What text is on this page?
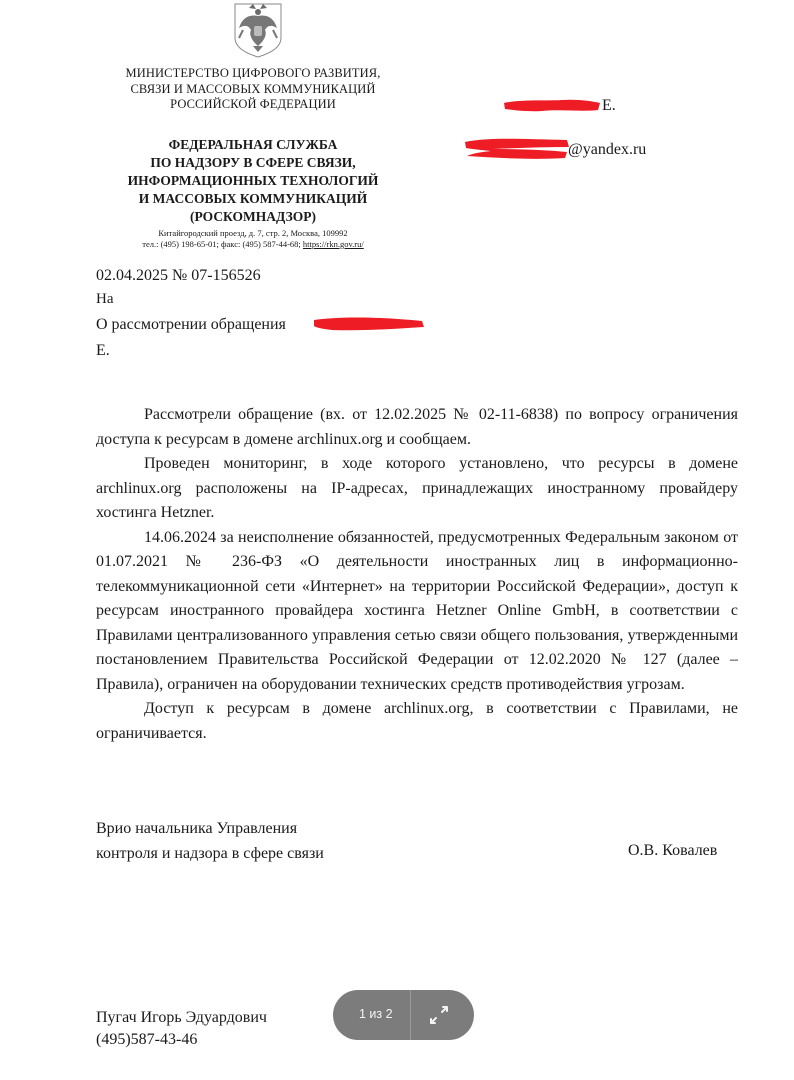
МИНИСТЕРСТВО ЦИФРОВОГО РАЗВИТИЯ,
СВЯЗИ И МАССОВЫХ КОММУНИКАЦИЙ
РОССИЙСКОЙ ФЕДЕРАЦИИ
ФЕДЕРАЛЬНАЯ СЛУЖБА
ПО НАДЗОРУ В СФЕРЕ СВЯЗИ,
ИНФОРМАЦИОННЫХ ТЕХНОЛОГИЙ
И МАССОВЫХ КОММУНИКАЦИЙ
(РОСКОМНАДЗОР)
Китайгородский проезд, д. 7, стр. 2, Москва, 109992
тел.: (495) 198-65-01; факс: (495) 587-44-68; https://rkn.gov.ru/
Е.
@yandex.ru
02.04.2025 № 07-156526
На
О рассмотрении обращения
Е.

Рассмотрели обращение (вх. от 12.02.2025 № 02-11-6838) по вопросу ограничения доступа к ресурсам в домене archlinux.org и сообщаем.

Проведен мониторинг, в ходе которого установлено, что ресурсы в домене archlinux.org расположены на IP-адресах, принадлежащих иностранному провайдеру хостинга Hetzner.

14.06.2024 за неисполнение обязанностей, предусмотренных Федеральным законом от 01.07.2021 № 236-ФЗ «О деятельности иностранных лиц в информационно-телекоммуникационной сети «Интернет» на территории Российской Федерации», доступ к ресурсам иностранного провайдера хостинга Hetzner Online GmbH, в соответствии с Правилами централизованного управления сетью связи общего пользования, утвержденными постановлением Правительства Российской Федерации от 12.02.2020 № 127 (далее – Правила), ограничен на оборудовании технических средств противодействия угрозам.

Доступ к ресурсам в домене archlinux.org, в соответствии с Правилами, не ограничивается.

Врио начальника Управления
контроля и надзора в сфере связи	О.В. Ковалев
Пугач Игорь Эдуардович
(495)587-43-46
1 из 2
